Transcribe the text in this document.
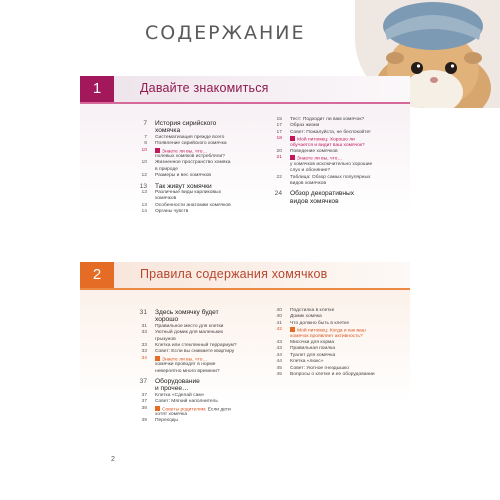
СОДЕРЖАНИЕ
1	Давайте знакомиться
7 История сирийского
хомячка
7 Систематизация прежде всего
8 Появление сирийского хомячка
10	Знаете ли вы, что…
полевых хомяков истребляли?
10 Жизненное пространство хомяка
в природе
12 Размеры и вес хомячков
13 Так живут хомячки
13 Различные виды карликовых
хомячков
13 Особенности анатомии хомячков
14 Органы чувств
15 Тест: Подходит ли вам хомячок?
17 Образ жизни
17 Совет: Пожалуйста, не беспокойте!
18	Мой питомец: Хорошо ли
обучается и видит ваш хомячок?
20 Поведение хомячков
21	Знаете ли вы, что…
у хомячков исключительно хорошие
слух и обоняние?
22 Таблица: Обзор самых популярных
видов хомячков
24 Обзор декоративных
видов хомячков
2	Правила содержания хомячков
31 Здесь хомячку будет
хорошо
31 Правильное место для клетки
33 Уютный домик для маленьких
грызунов
33 Клетка или стеклянный террариум?
33 Совет: Если вы снимаете квартиру
34	Знаете ли вы, что…
хомячки проводят в норме
невероятно много времени?
37 Оборудование
и прочее…
37 Клетка «Сделай сам»
37 Совет: Мягкий наполнитель
38	Советы родителям: Если дети
хотят хомячка
39 Переходы
40 Подстилка в клетке
40 Домик хомяка
41 Что должно быть в клетке
42	Мой питомец: Когда и как ваш
хомячок проявляет активность?
43 Мисочки для корма
43 Правильная поилка
44 Туалет для хомячка
44 Клетка «люкс»
45 Совет: Уютное гнездышко
45 Вопросы о клетке и ее оборудовании
2
